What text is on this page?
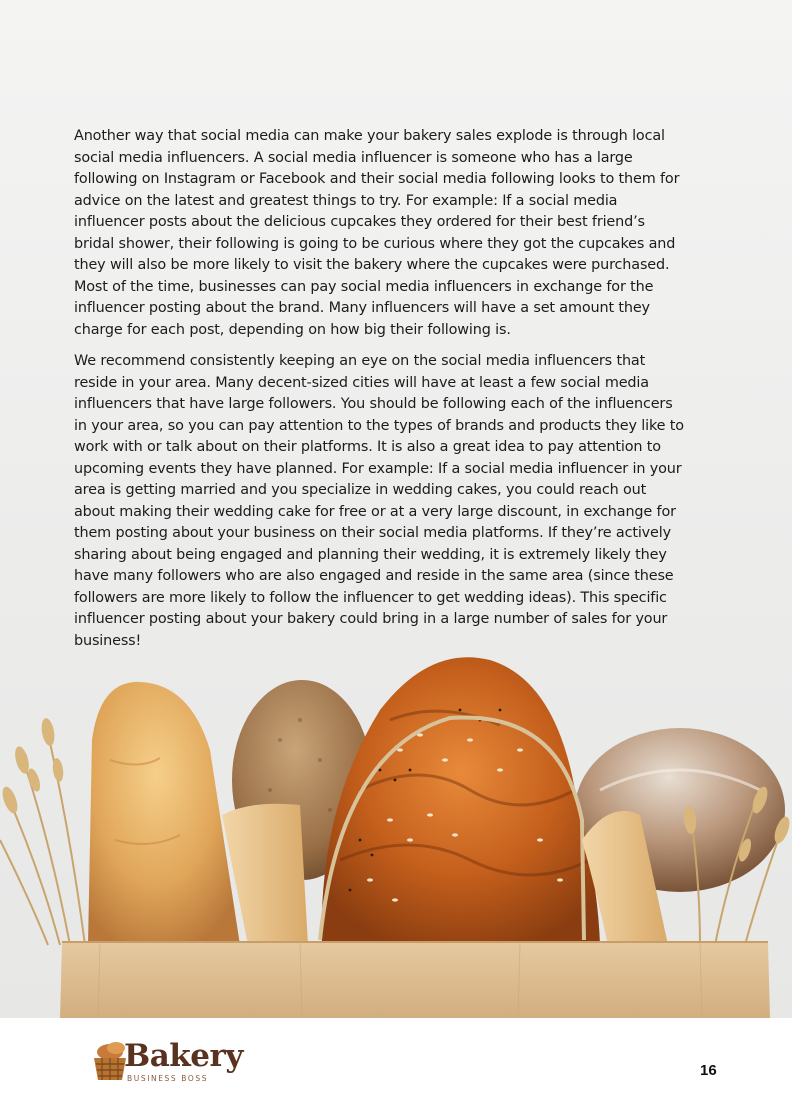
Another way that social media can make your bakery sales explode is through local social media influencers. A social media influencer is someone who has a large following on Instagram or Facebook and their social media following looks to them for advice on the latest and greatest things to try. For example: If a social media influencer posts about the delicious cupcakes they ordered for their best friend’s bridal shower, their following is going to be curious where they got the cupcakes and they will also be more likely to visit the bakery where the cupcakes were purchased. Most of the time, businesses can pay social media influencers in exchange for the influencer posting about the brand. Many influencers will have a set amount they charge for each post, depending on how big their following is.

We recommend consistently keeping an eye on the social media influencers that reside in your area. Many decent-sized cities will have at least a few social media influencers that have large followers. You should be following each of the influencers in your area, so you can pay attention to the types of brands and products they like to work with or talk about on their platforms. It is also a great idea to pay attention to upcoming events they have planned. For example: If a social media influencer in your area is getting married and you specialize in wedding cakes, you could reach out about making their wedding cake for free or at a very large discount, in exchange for them posting about your business on their social media platforms. If they’re actively sharing about being engaged and planning their wedding, it is extremely likely they have many followers who are also engaged and reside in the same area (since these followers are more likely to follow the influencer to get wedding ideas). This specific influencer posting about your bakery could bring in a large number of sales for your business!

Bakery
BUSINESS BOSS	16
